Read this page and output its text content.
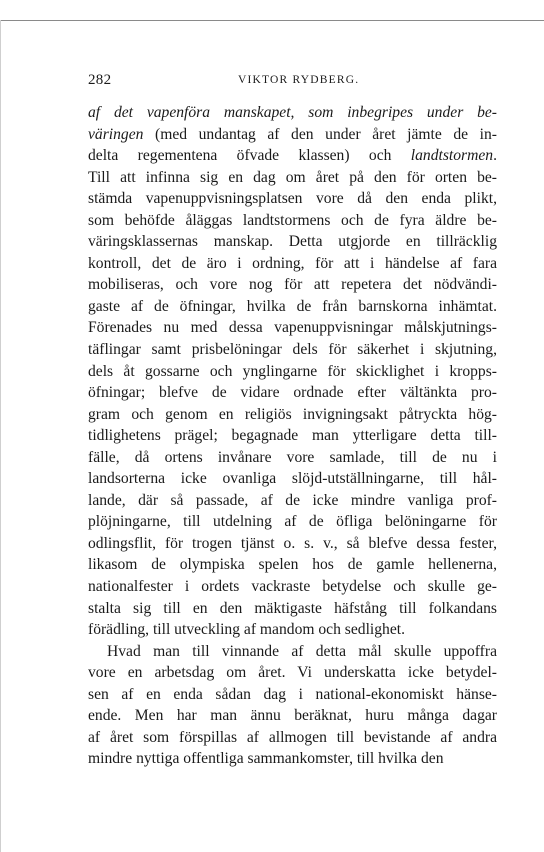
282	VIKTOR RYDBERG.
af det vapenföra manskapet, som inbegripes under be-
väringen (med undantag af den under året jämte de in-
delta regementena öfvade klassen) och landtstormen.
Till att infinna sig en dag om året på den för orten be-
stämda vapenuppvisningsplatsen vore då den enda plikt,
som behöfde åläggas landtstormens och de fyra äldre be-
väringsklassernas manskap. Detta utgjorde en tillräcklig
kontroll, det de äro i ordning, för att i händelse af fara
mobiliseras, och vore nog för att repetera det nödvändi-
gaste af de öfningar, hvilka de från barnskorna inhämtat.
Förenades nu med dessa vapenuppvisningar målskjutnings-
täflingar samt prisbelöningar dels för säkerhet i skjutning,
dels åt gossarne och ynglingarne för skicklighet i kropps-
öfningar; blefve de vidare ordnade efter vältänkta pro-
gram och genom en religiös invigningsakt påtryckta hög-
tidlighetens prägel; begagnade man ytterligare detta till-
fälle, då ortens invånare vore samlade, till de nu i
landsorterna icke ovanliga slöjd-utställningarne, till hål-
lande, där så passade, af de icke mindre vanliga prof-
plöjningarne, till utdelning af de öfliga belöningarne för
odlingsflit, för trogen tjänst o. s. v., så blefve dessa fester,
likasom de olympiska spelen hos de gamle hellenerna,
nationalfester i ordets vackraste betydelse och skulle ge-
stalta sig till en den mäktigaste häfstång till folkandans
förädling, till utveckling af mandom och sedlighet.
Hvad man till vinnande af detta mål skulle uppoffra
vore en arbetsdag om året. Vi underskatta icke betydel-
sen af en enda sådan dag i national-ekonomiskt hänse-
ende. Men har man ännu beräknat, huru många dagar
af året som förspillas af allmogen till bevistande af andra
mindre nyttiga offentliga sammankomster, till hvilka den
